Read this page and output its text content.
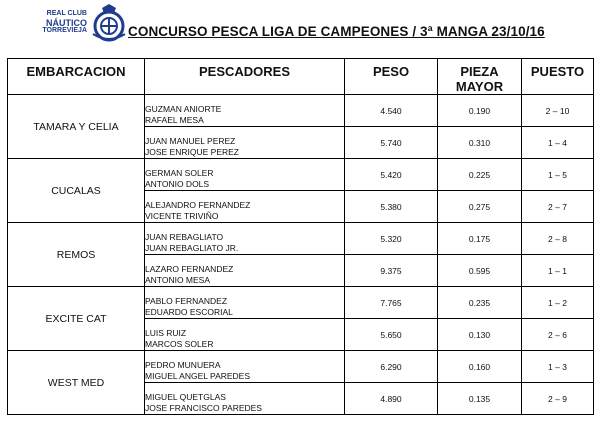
REAL CLUB
NÁUTICO
TORREVIEJA	CONCURSO PESCA LIGA DE CAMPEONES / 3ª MANGA 23/10/16
EMBARCACION	PESCADORES	PESO	PIEZA MAYOR	PUESTO
TAMARA Y CELIA	GUZMAN ANIORTE
RAFAEL MESA	4.540	0.190	2 – 10

	JUAN MANUEL PEREZ
JOSE ENRIQUE PEREZ	5.740	0.310	1 – 4
CUCALAS	GERMAN SOLER
ANTONIO DOLS	5.420	0.225	1 – 5

	ALEJANDRO FERNANDEZ
VICENTE TRIVIÑO	5.380	0.275	2 – 7
REMOS	JUAN REBAGLIATO
JUAN REBAGLIATO JR.	5.320	0.175	2 – 8

	LAZARO FERNANDEZ
ANTONIO MESA	9.375	0.595	1 – 1
EXCITE CAT	PABLO FERNANDEZ
EDUARDO ESCORIAL	7.765	0.235	1 – 2

	LUIS RUIZ
MARCOS SOLER	5.650	0.130	2 – 6
WEST MED	PEDRO MUNUERA
MIGUEL ANGEL PAREDES	6.290	0.160	1 – 3

	MIGUEL QUETGLAS
JOSE FRANCISCO PAREDES	4.890	0.135	2 – 9
